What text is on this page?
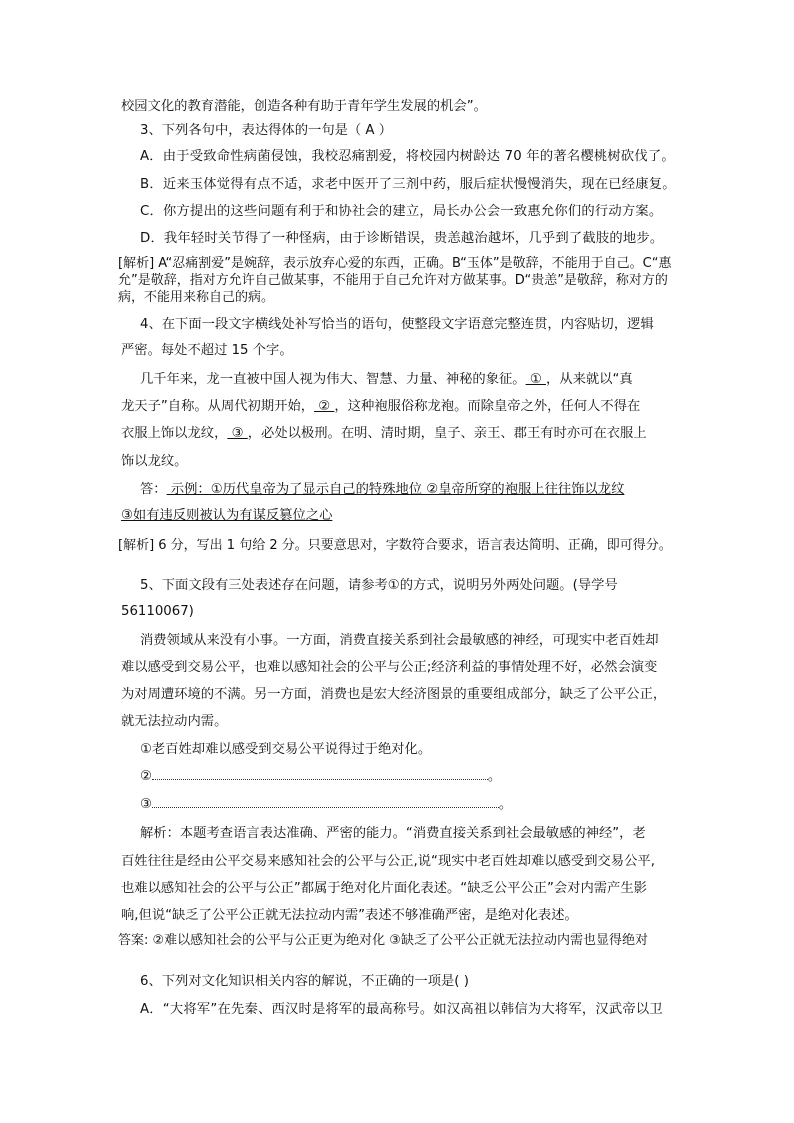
校园文化的教育潜能，创造各种有助于青年学生发展的机会”。
3、下列各句中，表达得体的一句是（ A ）
A．由于受致命性病菌侵蚀，我校忍痛割爱，将校园内树龄达 70 年的著名樱桃树砍伐了。
B．近来玉体觉得有点不适，求老中医开了三剂中药，服后症状慢慢消失，现在已经康复。
C．你方提出的这些问题有利于和协社会的建立，局长办公会一致惠允你们的行动方案。
D．我年轻时关节得了一种怪病，由于诊断错误，贵恙越治越坏，几乎到了截肢的地步。
[解析] A“忍痛割爱”是婉辞，表示放弃心爱的东西，正确。B“玉体”是敬辞，不能用于自己。C“惠允”是敬辞，指对方允许自己做某事，不能用于自己允许对方做某事。D“贵恙”是敬辞，称对方的病，不能用来称自己的病。
4、在下面一段文字横线处补写恰当的语句，使整段文字语意完整连贯，内容贴切，逻辑
严密。每处不超过 15 个字。
几千年来，龙一直被中国人视为伟大、智慧、力量、神秘的象征。 ① ，从来就以“真
龙天子”自称。从周代初期开始， ② ，这种袍服俗称龙袍。而除皇帝之外，任何人不得在
衣服上饰以龙纹， ③ ，必处以极刑。在明、清时期，皇子、亲王、郡王有时亦可在衣服上
饰以龙纹。
答： 示例：①历代皇帝为了显示自己的特殊地位 ②皇帝所穿的袍服上往往饰以龙纹
③如有违反则被认为有谋反篡位之心
[解析] 6 分，写出 1 句给 2 分。只要意思对，字数符合要求，语言表达简明、正确，即可得分。
5、下面文段有三处表述存在问题，请参考①的方式，说明另外两处问题。(导学号
56110067)
消费领域从来没有小事。一方面，消费直接关系到社会最敏感的神经，可现实中老百姓却
难以感受到交易公平，也难以感知社会的公平与公正;经济利益的事情处理不好，必然会演变
为对周遭环境的不满。另一方面，消费也是宏大经济图景的重要组成部分，缺乏了公平公正，
就无法拉动内需。
①老百姓却难以感受到交易公平说得过于绝对化。
②	。
③	。
解析：本题考查语言表达准确、严密的能力。“消费直接关系到社会最敏感的神经”，老
百姓往往是经由公平交易来感知社会的公平与公正,说“现实中老百姓却难以感受到交易公平,
也难以感知社会的公平与公正”都属于绝对化片面化表述。“缺乏公平公正”会对内需产生影
响,但说“缺乏了公平公正就无法拉动内需”表述不够准确严密，是绝对化表述。
答案: ②难以感知社会的公平与公正更为绝对化 ③缺乏了公平公正就无法拉动内需也显得绝对
6、下列对文化知识相关内容的解说，不正确的一项是( )
A．“大将军”在先秦、西汉时是将军的最高称号。如汉高祖以韩信为大将军，汉武帝以卫
